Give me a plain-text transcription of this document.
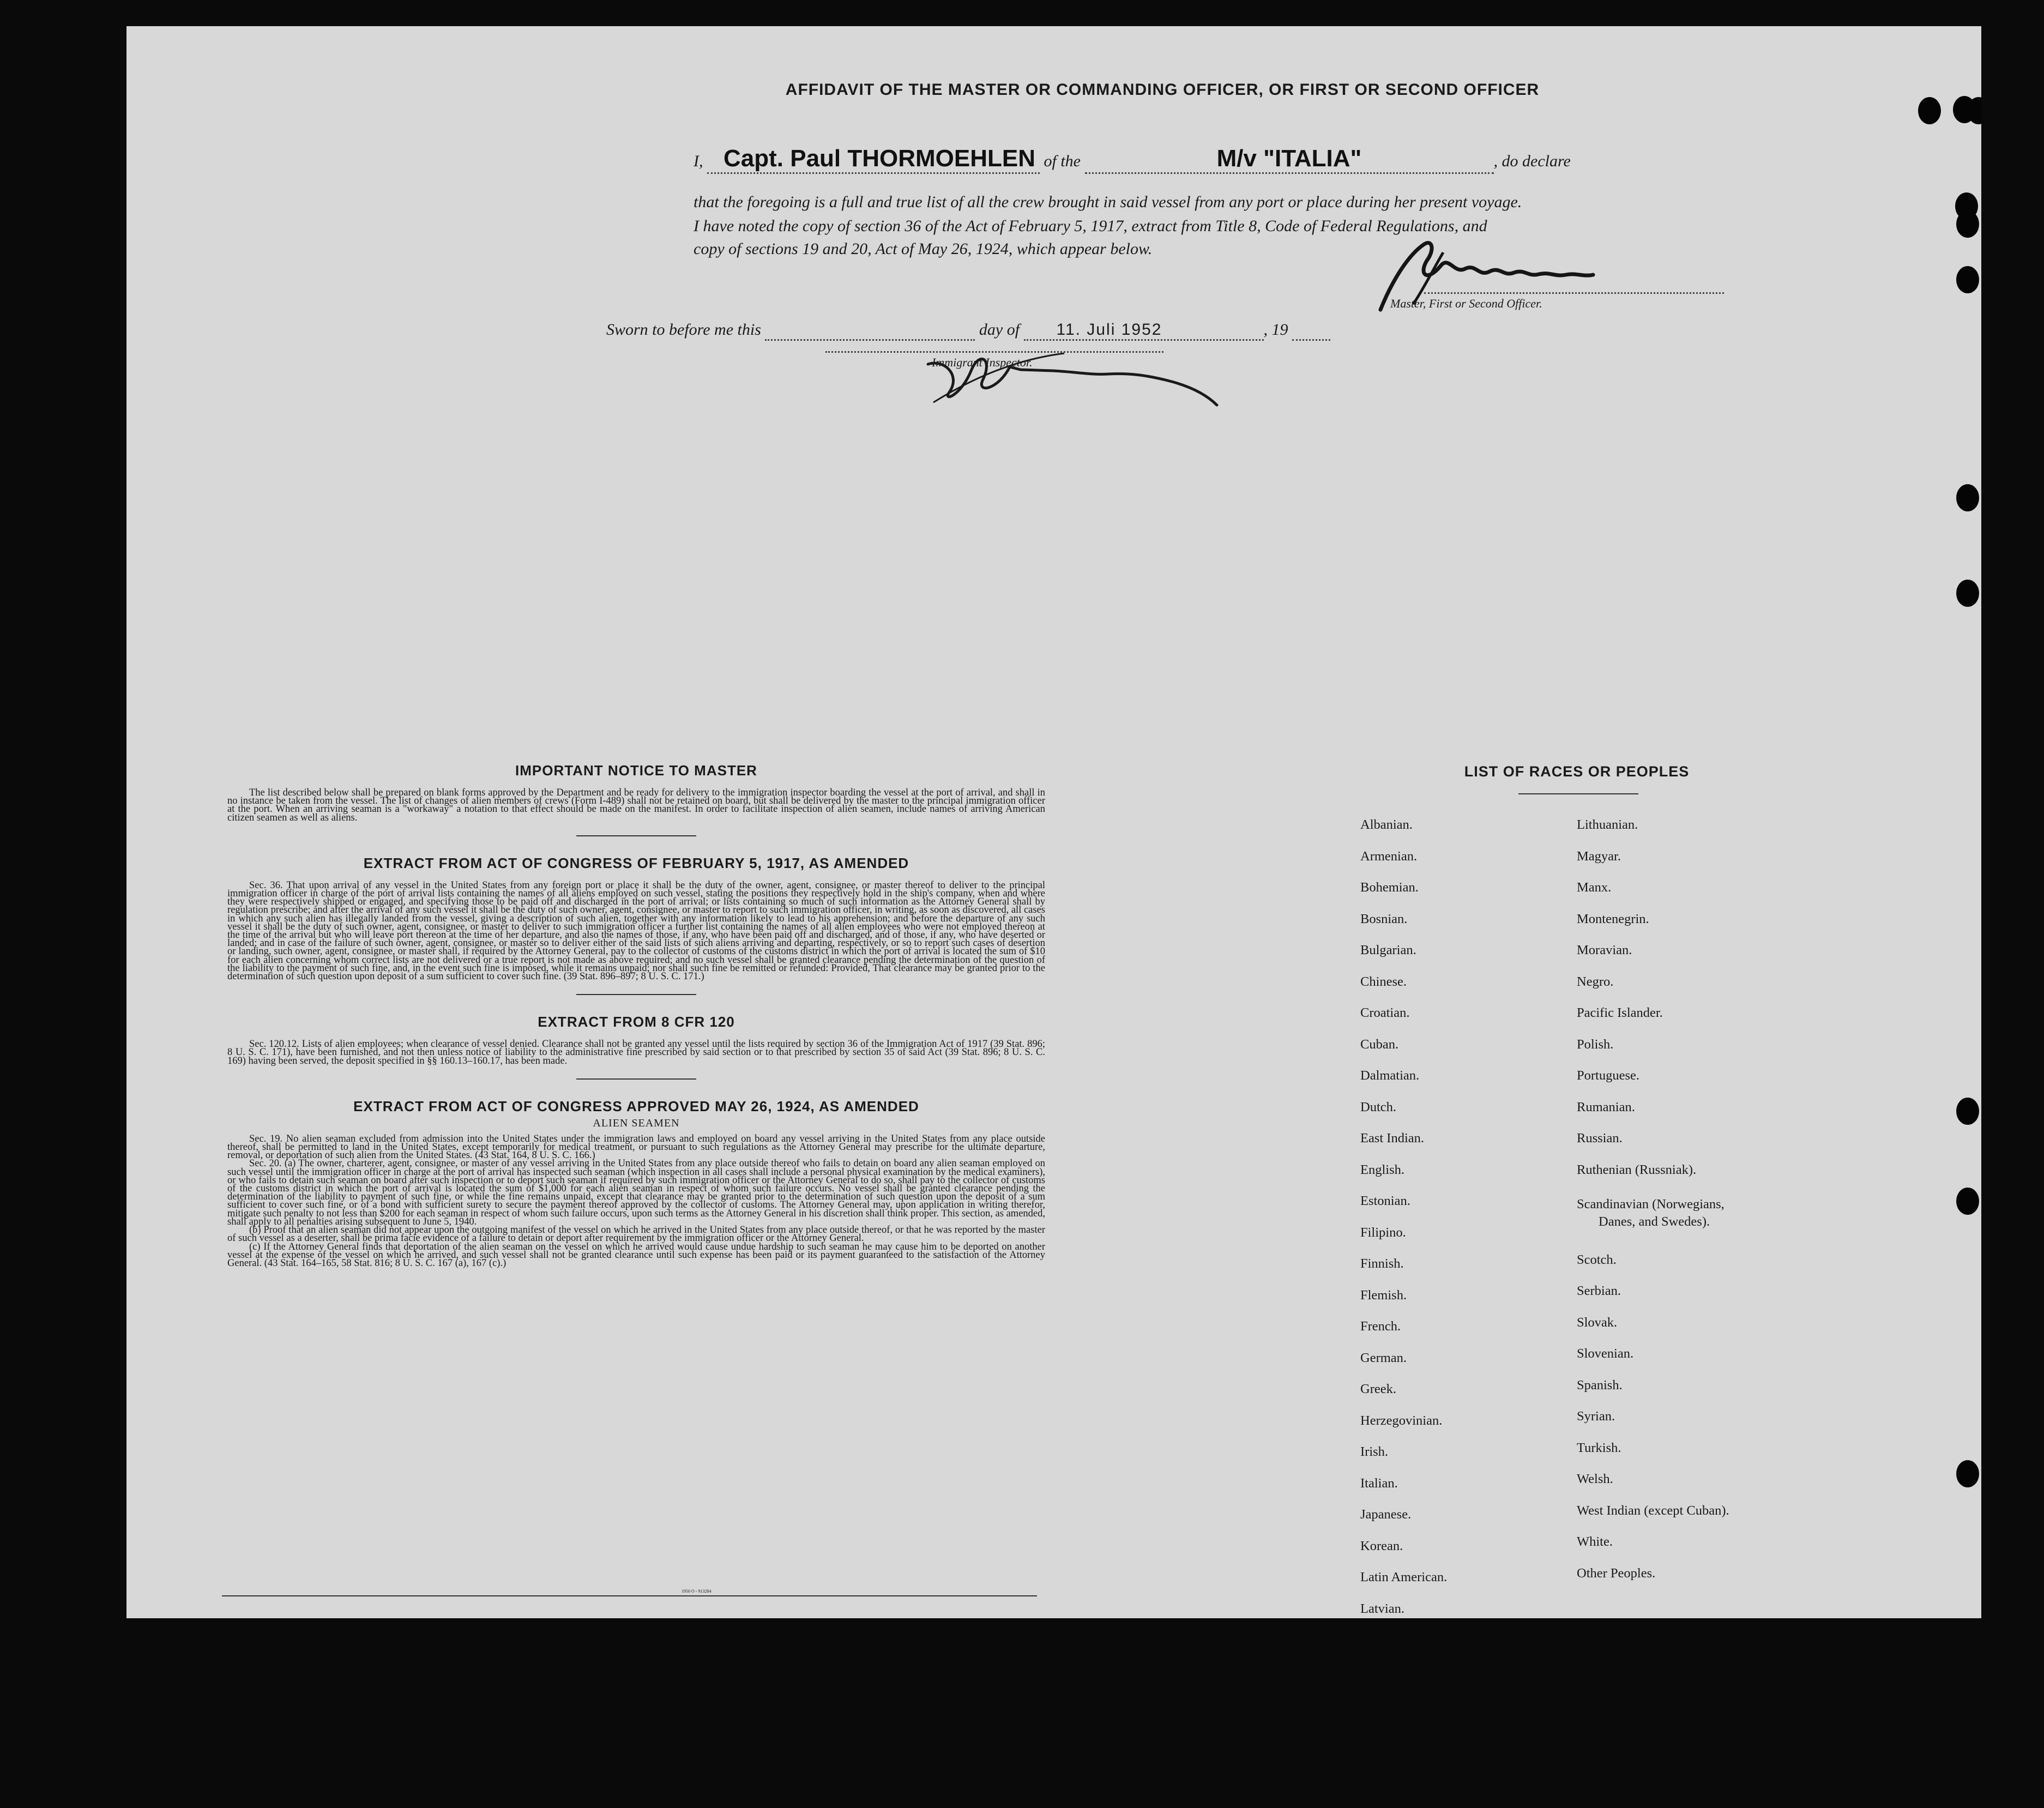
AFFIDAVIT OF THE MASTER OR COMMANDING OFFICER, OR FIRST OR SECOND OFFICER
I, Capt. Paul THORMOEHLEN of the	M/v "ITALIA"	, do declare
that the foregoing is a full and true list of all the crew brought in said vessel from any port or place during her present voyage.
I have noted the copy of section 36 of the Act of February 5, 1917, extract from Title 8, Code of Federal Regulations, and
copy of sections 19 and 20, Act of May 26, 1924, which appear below.
Master, First or Second Officer.
Sworn to before me this	day of 11. Juli 1952	, 19
Immigrant Inspector.

IMPORTANT NOTICE TO MASTER

The list described below shall be prepared on blank forms approved by the Department and be ready for delivery to the immigration inspector boarding the vessel at the port of arrival, and shall in no instance be taken from the vessel. The list of changes of alien members of crews (Form I-489) shall not be retained on board, but shall be delivered by the master to the principal immigration officer at the port. When an arriving seaman is a "workaway" a notation to that effect should be made on the manifest. In order to facilitate inspection of alien seamen, include names of arriving American citizen seamen as well as aliens.

EXTRACT FROM ACT OF CONGRESS OF FEBRUARY 5, 1917, AS AMENDED

Sec. 36. That upon arrival of any vessel in the United States from any foreign port or place it shall be the duty of the owner, agent, consignee, or master thereof to deliver to the principal immigration officer in charge of the port of arrival lists containing the names of all aliens employed on such vessel, stating the positions they respectively hold in the ship's company, when and where they were respectively shipped or engaged, and specifying those to be paid off and discharged in the port of arrival; or lists containing so much of such information as the Attorney General shall by regulation prescribe; and after the arrival of any such vessel it shall be the duty of such owner, agent, consignee, or master to report to such immigration officer, in writing, as soon as discovered, all cases in which any such alien has illegally landed from the vessel, giving a description of such alien, together with any information likely to lead to his apprehension; and before the departure of any such vessel it shall be the duty of such owner, agent, consignee, or master to deliver to such immigration officer a further list containing the names of all alien employees who were not employed thereon at the time of the arrival but who will leave port thereon at the time of her departure, and also the names of those, if any, who have been paid off and discharged, and of those, if any, who have deserted or landed; and in case of the failure of such owner, agent, consignee, or master so to deliver either of the said lists of such aliens arriving and departing, respectively, or so to report such cases of desertion or landing, such owner, agent, consignee, or master shall, if required by the Attorney General, pay to the collector of customs of the customs district in which the port of arrival is located the sum of $10 for each alien concerning whom correct lists are not delivered or a true report is not made as above required; and no such vessel shall be granted clearance pending the determination of the question of the liability to the payment of such fine, and, in the event such fine is imposed, while it remains unpaid; nor shall such fine be remitted or refunded: Provided, That clearance may be granted prior to the determination of such question upon deposit of a sum sufficient to cover such fine. (39 Stat. 896–897; 8 U. S. C. 171.)

EXTRACT FROM 8 CFR 120

Sec. 120.12. Lists of alien employees; when clearance of vessel denied. Clearance shall not be granted any vessel until the lists required by section 36 of the Immigration Act of 1917 (39 Stat. 896; 8 U. S. C. 171), have been furnished, and not then unless notice of liability to the administrative fine prescribed by said section or to that prescribed by section 35 of said Act (39 Stat. 896; 8 U. S. C. 169) having been served, the deposit specified in §§ 160.13–160.17, has been made.

EXTRACT FROM ACT OF CONGRESS APPROVED MAY 26, 1924, AS AMENDED

ALIEN SEAMEN

Sec. 19. No alien seaman excluded from admission into the United States under the immigration laws and employed on board any vessel arriving in the United States from any place outside thereof, shall be permitted to land in the United States, except temporarily for medical treatment, or pursuant to such regulations as the Attorney General may prescribe for the ultimate departure, removal, or deportation of such alien from the United States. (43 Stat. 164, 8 U. S. C. 166.)

Sec. 20. (a) The owner, charterer, agent, consignee, or master of any vessel arriving in the United States from any place outside thereof who fails to detain on board any alien seaman employed on such vessel until the immigration officer in charge at the port of arrival has inspected such seaman (which inspection in all cases shall include a personal physical examination by the medical examiners), or who fails to detain such seaman on board after such inspection or to deport such seaman if required by such immigration officer or the Attorney General to do so, shall pay to the collector of customs of the customs district in which the port of arrival is located the sum of $1,000 for each alien seaman in respect of whom such failure occurs. No vessel shall be granted clearance pending the determination of the liability to payment of such fine, or while the fine remains unpaid, except that clearance may be granted prior to the determination of such question upon the deposit of a sum sufficient to cover such fine, or of a bond with sufficient surety to secure the payment thereof approved by the collector of customs. The Attorney General may, upon application in writing therefor, mitigate such penalty to not less than $200 for each seaman in respect of whom such failure occurs, upon such terms as the Attorney General in his discretion shall think proper. This section, as amended, shall apply to all penalties arising subsequent to June 5, 1940.

(b) Proof that an alien seaman did not appear upon the outgoing manifest of the vessel on which he arrived in the United States from any place outside thereof, or that he was reported by the master of such vessel as a deserter, shall be prima facie evidence of a failure to detain or deport after requirement by the immigration officer or the Attorney General.

(c) If the Attorney General finds that deportation of the alien seaman on the vessel on which he arrived would cause undue hardship to such seaman he may cause him to be deported on another vessel at the expense of the vessel on which he arrived, and such vessel shall not be granted clearance until such expense has been paid or its payment guaranteed to the satisfaction of the Attorney General. (43 Stat. 164–165, 58 Stat. 816; 8 U. S. C. 167 (a), 167 (c).)

1950 O - 913284
LIST OF RACES OR PEOPLES
Albanian.
Armenian.
Bohemian.
Bosnian.
Bulgarian.
Chinese.
Croatian.
Cuban.
Dalmatian.
Dutch.
East Indian.
English.
Estonian.
Filipino.
Finnish.
Flemish.
French.
German.
Greek.
Herzegovinian.
Irish.
Italian.
Japanese.
Korean.
Latin American.
Latvian.
Lithuanian.
Magyar.
Manx.
Montenegrin.
Moravian.
Negro.
Pacific Islander.
Polish.
Portuguese.
Rumanian.
Russian.
Ruthenian (Russniak).
Scandinavian (Norwegians,
Danes, and Swedes).
Scotch.
Serbian.
Slovak.
Slovenian.
Spanish.
Syrian.
Turkish.
Welsh.
West Indian (except Cuban).
White.
Other Peoples.
